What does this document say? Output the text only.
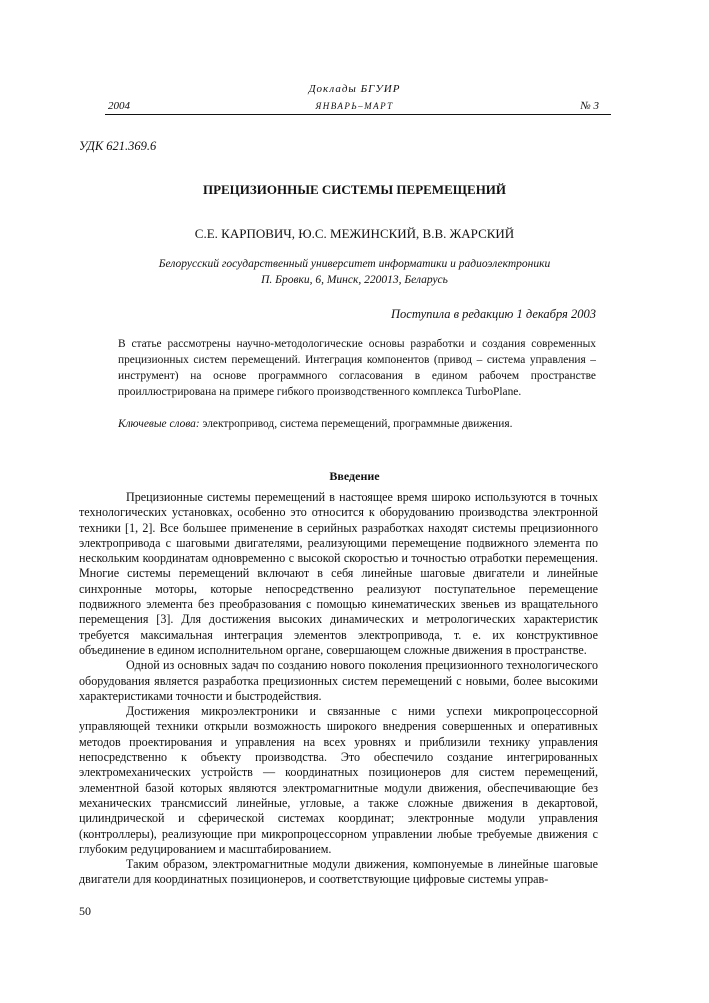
Доклады БГУИР
2004	ЯНВАРЬ–МАРТ	№ 3
УДК 621.369.6
ПРЕЦИЗИОННЫЕ СИСТЕМЫ ПЕРЕМЕЩЕНИЙ
С.Е. КАРПОВИЧ, Ю.С. МЕЖИНСКИЙ, В.В. ЖАРСКИЙ
Белорусский государственный университет информатики и радиоэлектроники
П. Бровки, 6, Минск, 220013, Беларусь
Поступила в редакцию 1 декабря 2003
В статье рассмотрены научно-методологические основы разработки и создания современных прецизионных систем перемещений. Интеграция компонентов (привод – система управления – инструмент) на основе программного согласования в едином рабочем пространстве проиллюстрирована на примере гибкого производственного комплекса TurboPlane.
Ключевые слова: электропривод, система перемещений, программные движения.
Введение

Прецизионные системы перемещений в настоящее время широко используются в точных технологических установках, особенно это относится к оборудованию производства электронной техники [1, 2]. Все большее применение в серийных разработках находят системы прецизионного электропривода с шаговыми двигателями, реализующими перемещение подвижного элемента по нескольким координатам одновременно с высокой скоростью и точностью отработки перемещения. Многие системы перемещений включают в себя линейные шаговые двигатели и линейные синхронные моторы, которые непосредственно реализуют поступательное перемещение подвижного элемента без преобразования с помощью кинематических звеньев из вращательного перемещения [3]. Для достижения высоких динамических и метрологических характеристик требуется максимальная интеграция элементов электропривода, т. е. их конструктивное объединение в едином исполнительном органе, совершающем сложные движения в пространстве.

Одной из основных задач по созданию нового поколения прецизионного технологического оборудования является разработка прецизионных систем перемещений с новыми, более высокими характеристиками точности и быстродействия.

Достижения микроэлектроники и связанные с ними успехи микропроцессорной управляющей техники открыли возможность широкого внедрения совершенных и оперативных методов проектирования и управления на всех уровнях и приблизили технику управления непосредственно к объекту производства. Это обеспечило создание интегрированных электромеханических устройств — координатных позиционеров для систем перемещений, элементной базой которых являются электромагнитные модули движения, обеспечивающие без механических трансмиссий линейные, угловые, а также сложные движения в декартовой, цилиндрической и сферической системах координат; электронные модули управления (контроллеры), реализующие при микропроцессорном управлении любые требуемые движения с глубоким редуцированием и масштабированием.

Таким образом, электромагнитные модули движения, компонуемые в линейные шаговые двигатели для координатных позиционеров, и соответствующие цифровые системы управ-

50
